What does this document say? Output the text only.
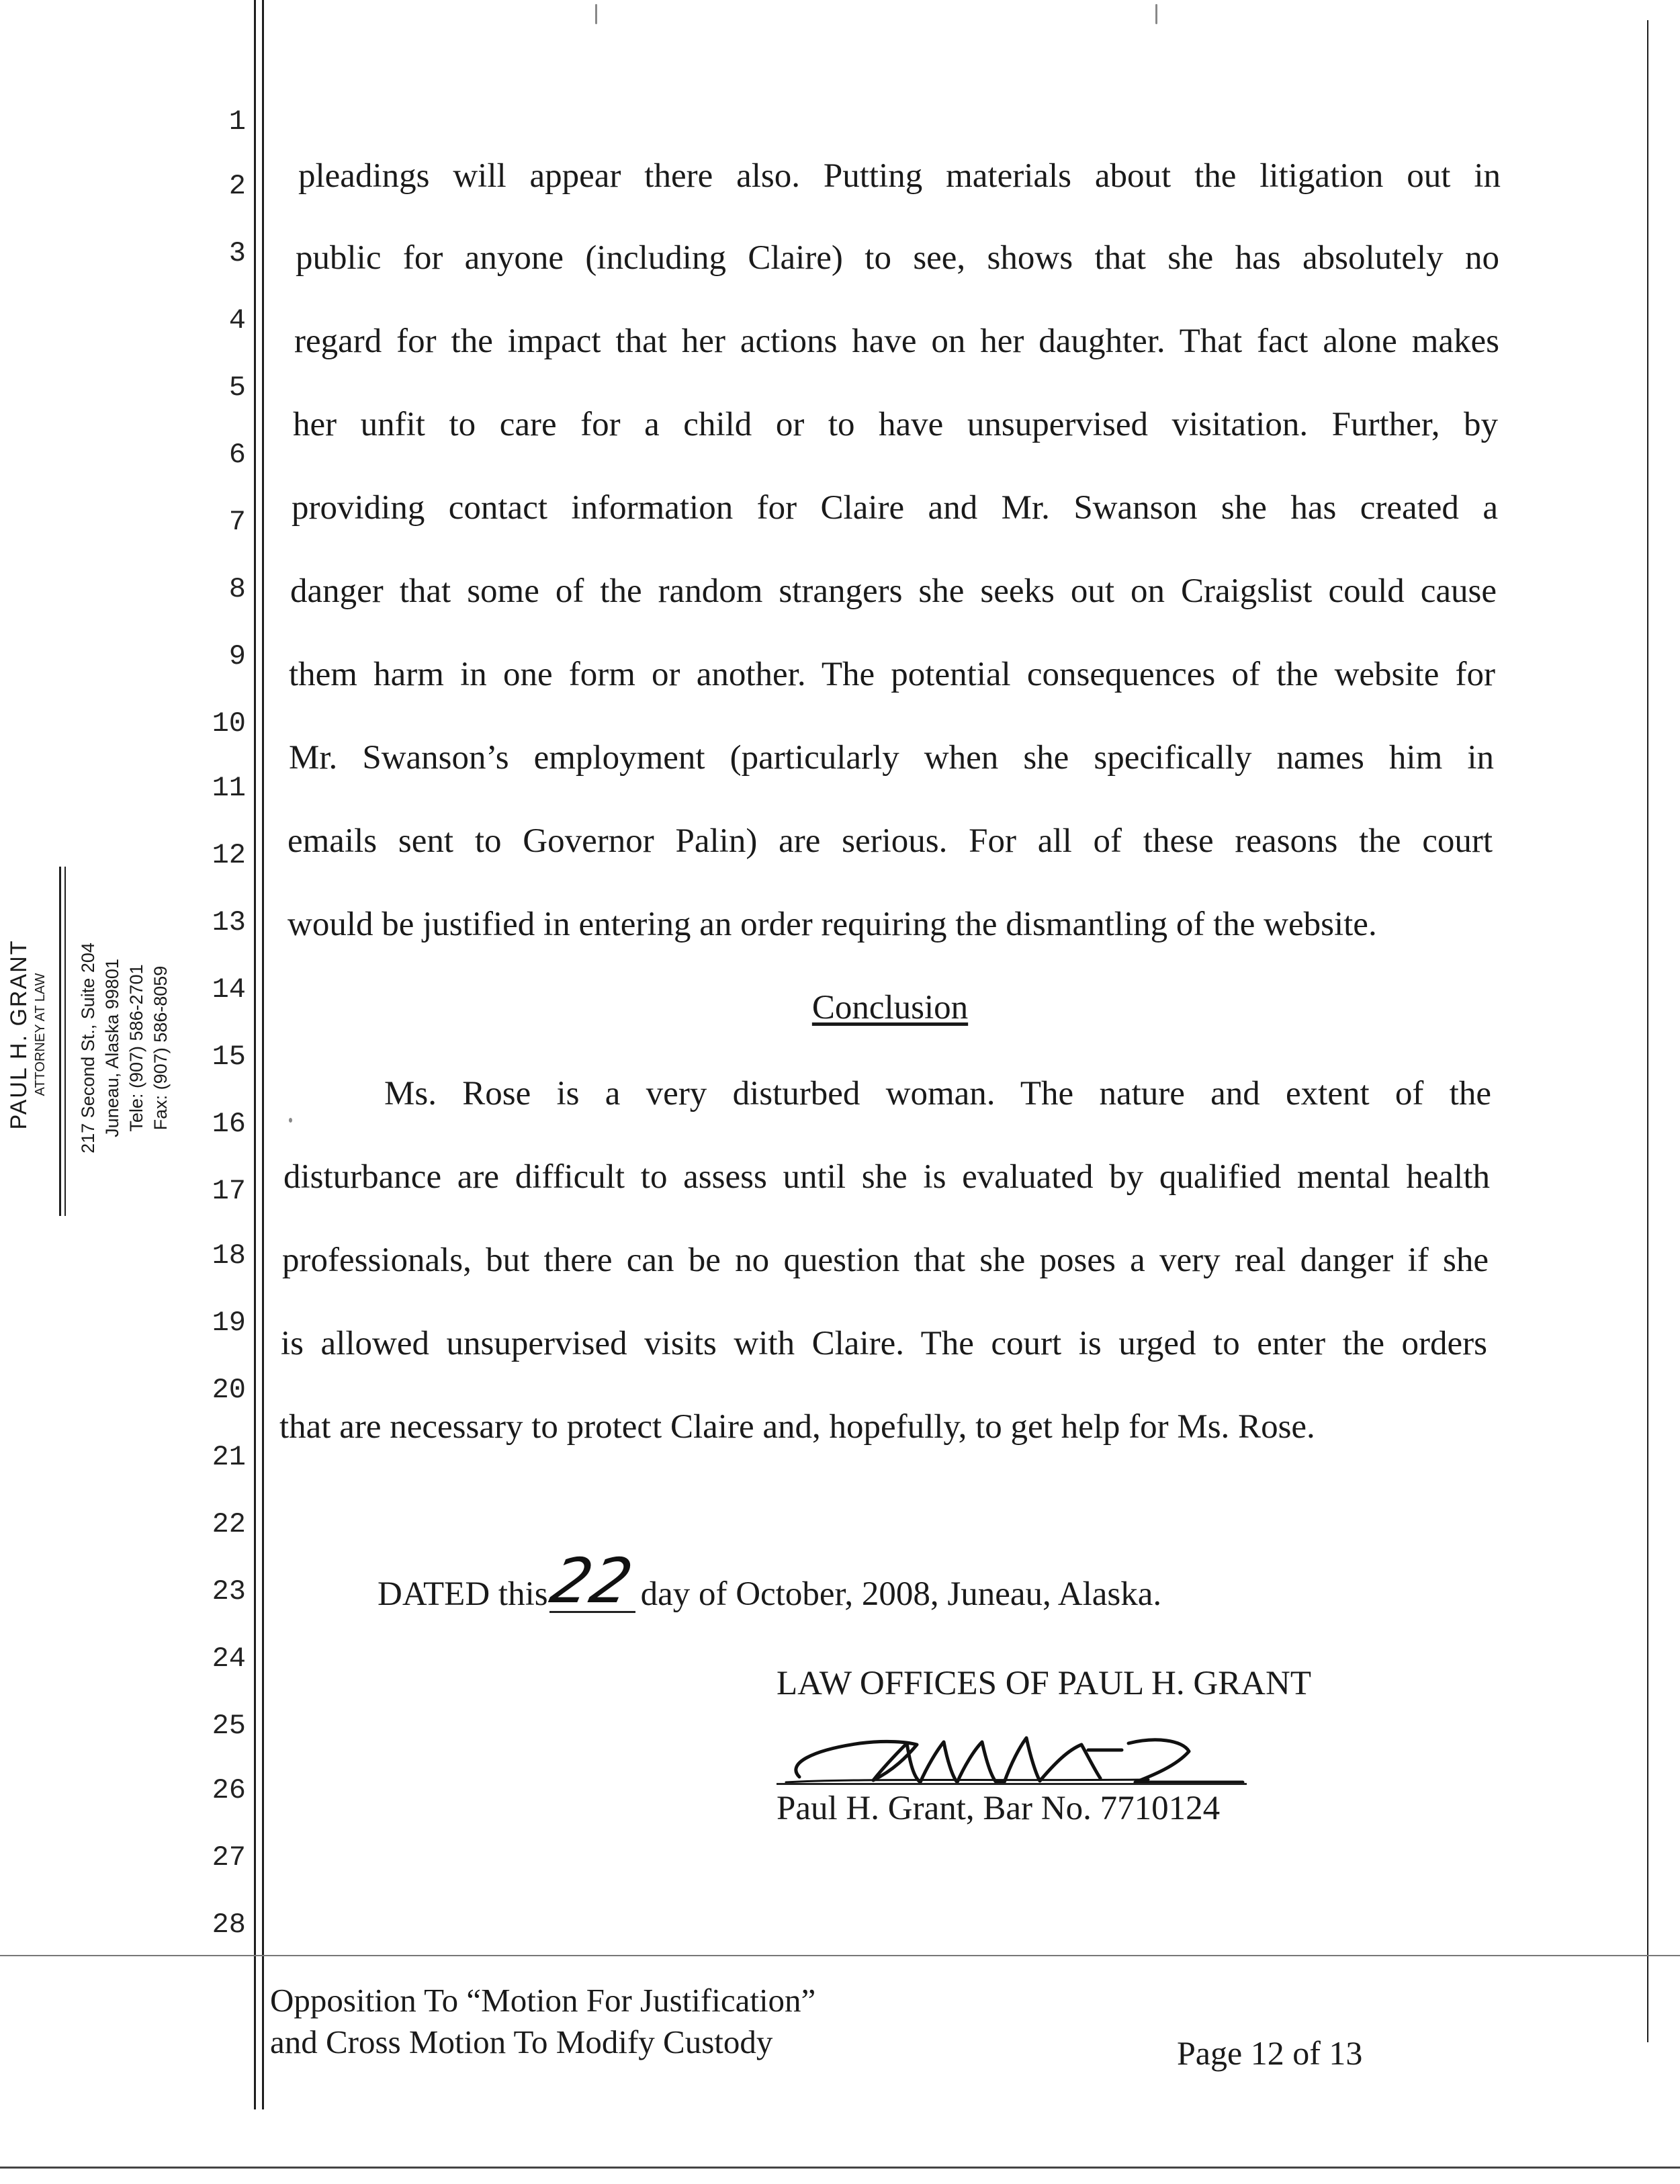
PAUL H. GRANT ATTORNEY AT LAW 217 Second St., Suite 204 Juneau, Alaska 99801 Tele: (907) 586-2701 Fax: (907) 586-8059
1
2
3
4
5
6
7
8
9
10
11
12
13
14
15
16
17
18
19
20
21
22
23
24
25
26
27
28
pleadings will appear there also. Putting materials about the litigation out in
public for anyone (including Claire) to see, shows that she has absolutely no
regard for the impact that her actions have on her daughter. That fact alone makes
her unfit to care for a child or to have unsupervised visitation. Further, by
providing contact information for Claire and Mr. Swanson she has created a
danger that some of the random strangers she seeks out on Craigslist could cause
them harm in one form or another. The potential consequences of the website for
Mr. Swanson’s employment (particularly when she specifically names him in
emails sent to Governor Palin) are serious. For all of these reasons the court
would be justified in entering an order requiring the dismantling of the website.
Conclusion
Ms. Rose is a very disturbed woman. The nature and extent of the
disturbance are difficult to assess until she is evaluated by qualified mental health
professionals, but there can be no question that she poses a very real danger if she
is allowed unsupervised visits with Claire. The court is urged to enter the orders
that are necessary to protect Claire and, hopefully, to get help for Ms. Rose.
DATED this
22 day of October, 2008, Juneau, Alaska.
LAW OFFICES OF PAUL H. GRANT
Paul H. Grant, Bar No. 7710124
Opposition To “Motion For Justification”
and Cross Motion To Modify Custody	Page 12 of 13
